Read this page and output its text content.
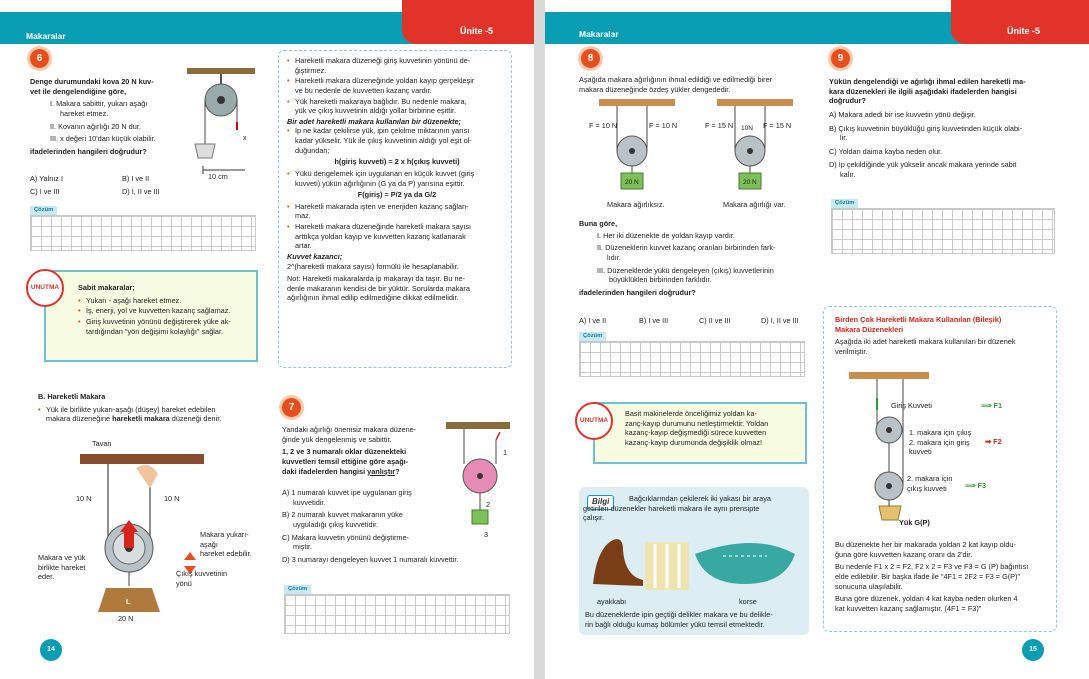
Makaralar	Ünite -5
6
Denge durumundaki kova 20 N kuv-
vet ile dengelendiğine göre,
I. Makara sabittir, yukarı aşağı
hareket etmez.
II. Kovanın ağırlığı 20 N dur.
III. x değeri 10'dan küçük olabilir.
ifadelerinden hangileri doğrudur?
A) Yalnız I	B) I ve II
C) I ve III	D) I, II ve III
x
10 cm
Çözüm
UNUTMA	Sabit makaralar;
• Yukarı - aşağı hareket etmez.
• İş, enerji, yol ve kuvvetten kazanç sağlamaz.
• Giriş kuvvetinin yönünü değiştirerek yüke ak-
tardığından "yön değişimi kolaylığı" sağlar.
B. Hareketli Makara
• Yük ile birlikte yukarı-aşağı (düşey) hareket edebilen
makara düzeneğine hareketli makara düzeneği denir.
Tavan
10 N	10 N
Makara yukarı-aşağı
hareket edebilir.
Makara ve yük
birlikte hareket
eder.	Çıkış kuvvetinin
yönü
L
20 N
• Hareketli makara düzeneği giriş kuvvetinin yönünü de-
ğiştirmez.
• Hareketli makara düzeneğinde yoldan kayıp gerçekleşir
ve bu nedenle de kuvvetten kazanç vardır.
• Yük hareketli makaraya bağlıdır. Bu nedenle makara,
yük ve çıkış kuvvetinin aldığı yollar birbirine eşittir.
Bir adet hareketli makara kullanılan bir düzenekte;
• İp ne kadar çekilirse yük, ipin çekilme miktarının yarısı
kadar yükselir. Yük ile çıkış kuvvetinin aldığı yol eşit ol-
duğundan;
h(giriş kuvveti) = 2 x h(çıkış kuvveti)
• Yükü dengelemek için uygulanan en küçük kuvvet (giriş
kuvveti) yükün ağırlığının (G ya da P) yarısına eşittir.
F(giriş) = P/2 ya da G/2
• Hareketli makarada işten ve enerjiden kazanç sağlan-
maz.
• Hareketli makara düzeneğinde hareketli makara sayısı
arttıkça yoldan kayıp ve kuvvetten kazanç katlanarak
artar.
Kuvvet kazancı;
2^(hareketli makara sayısı) formülü ile hesaplanabilir.
Not: Hareketli makaralarda ip makarayı da taşır. Bu ne-
denle makaranın kendisi de bir yüktür. Sorularda makara
ağırlığının ihmal edilip edilmediğine dikkat edilmelidir.
7
Yandaki ağırlığı önemsiz makara düzene-
ğinde yük dengelenmiş ve sabittir.
1, 2 ve 3 numaralı oklar düzenekteki
kuvvetleri temsil ettiğine göre aşağı-
daki ifadelerden hangisi yanlıştır?
A) 1 numaralı kuvvet ipe uygulanan giriş
kuvvetidir.
B) 2 numaralı kuvvet makaranın yüke
uyguladığı çıkış kuvvetidir.
C) Makara kuvvetin yönünü değiştirme-
miştir.
D) 3 numarayı dengeleyen kuvvet 1 numaralı kuvvettir.
1
2
3
Çözüm
14
Makaralar	Ünite -5
8
Aşağıda makara ağırlığının ihmal edildiği ve edilmediği birer
makara düzeneğinde özdeş yükler dengededir.
F = 10 N	F = 10 N	F = 15 N	F = 15 N
10N
20 N	20 N
Makara ağırlıksız.	Makara ağırlığı var.
Buna göre,
I. Her iki düzenekte de yoldan kayıp vardır.
II. Düzeneklerin kuvvet kazanç oranları birbirinden fark-
lıdır.
III. Düzeneklerde yükü dengeleyen (çıkış) kuvvetlerinin
büyüklükleri birbirinden farklıdır.
ifadelerinden hangileri doğrudur?
A) I ve II	B) I ve III	C) II ve III	D) I, II ve III
Çözüm
UNUTMA
Basit makinelerde önceliğimiz yoldan ka-
zanç-kayıp durumunu netleştirmektir. Yoldan
kazanç-kayıp değişmediği sürece kuvvetten
kazanç-kayıp durumunda değişiklik olmaz!
Bilgi	Bağcıklarından çekilerek iki yakası bir araya
getirilen düzenekler hareketli makara ile aynı prensipte
çalışır.
ayakkabı	korse
Bu düzeneklerde ipin geçtiği delikler makara ve bu delikle-
rin bağlı olduğu kumaş bölümler yükü temsil etmektedir.
9
Yükün dengelendiği ve ağırlığı ihmal edilen hareketli ma-
kara düzenekleri ile ilgili aşağıdaki ifadelerden hangisi
doğrudur?
A) Makara adedi bir ise kuvvetin yönü değişir.
B) Çıkış kuvvetinin büyüklüğü giriş kuvvetinden küçük olabi-
lir.
C) Yoldan daima kayba neden olur.
D) İp çekildiğinde yük yükselir ancak makara yerinde sabit
kalır.
Çözüm
Birden Çok Hareketli Makara Kullanılan (Bileşik)
Makara Düzenekleri
Aşağıda iki adet hareketli makara kullanılan bir düzenek
verilmiştir.
Giriş Kuvveti	⟹ F1
1. makara için çıkış
2. makara için giriş
kuvveti
➡ F2
2. makara için
çıkış kuvveti	⟹ F3
Yük G(P)
Bu düzenekte her bir makarada yoldan 2 kat kayıp oldu-
ğuna göre kuvvetten kazanç oranı da 2'dir.
Bu nedenle F1 x 2 = F2, F2 x 2 = F3 ve F3 = G (P) bağıntısı
elde edilebilir. Bir başka ifade ile "4F1 = 2F2 = F3 = G(P)"
sonucuna ulaşılabilir.
Buna göre düzenek, yoldan 4 kat kayba neden olurken 4
kat kuvvetten kazanç sağlamıştır. (4F1 = F3)"
15
